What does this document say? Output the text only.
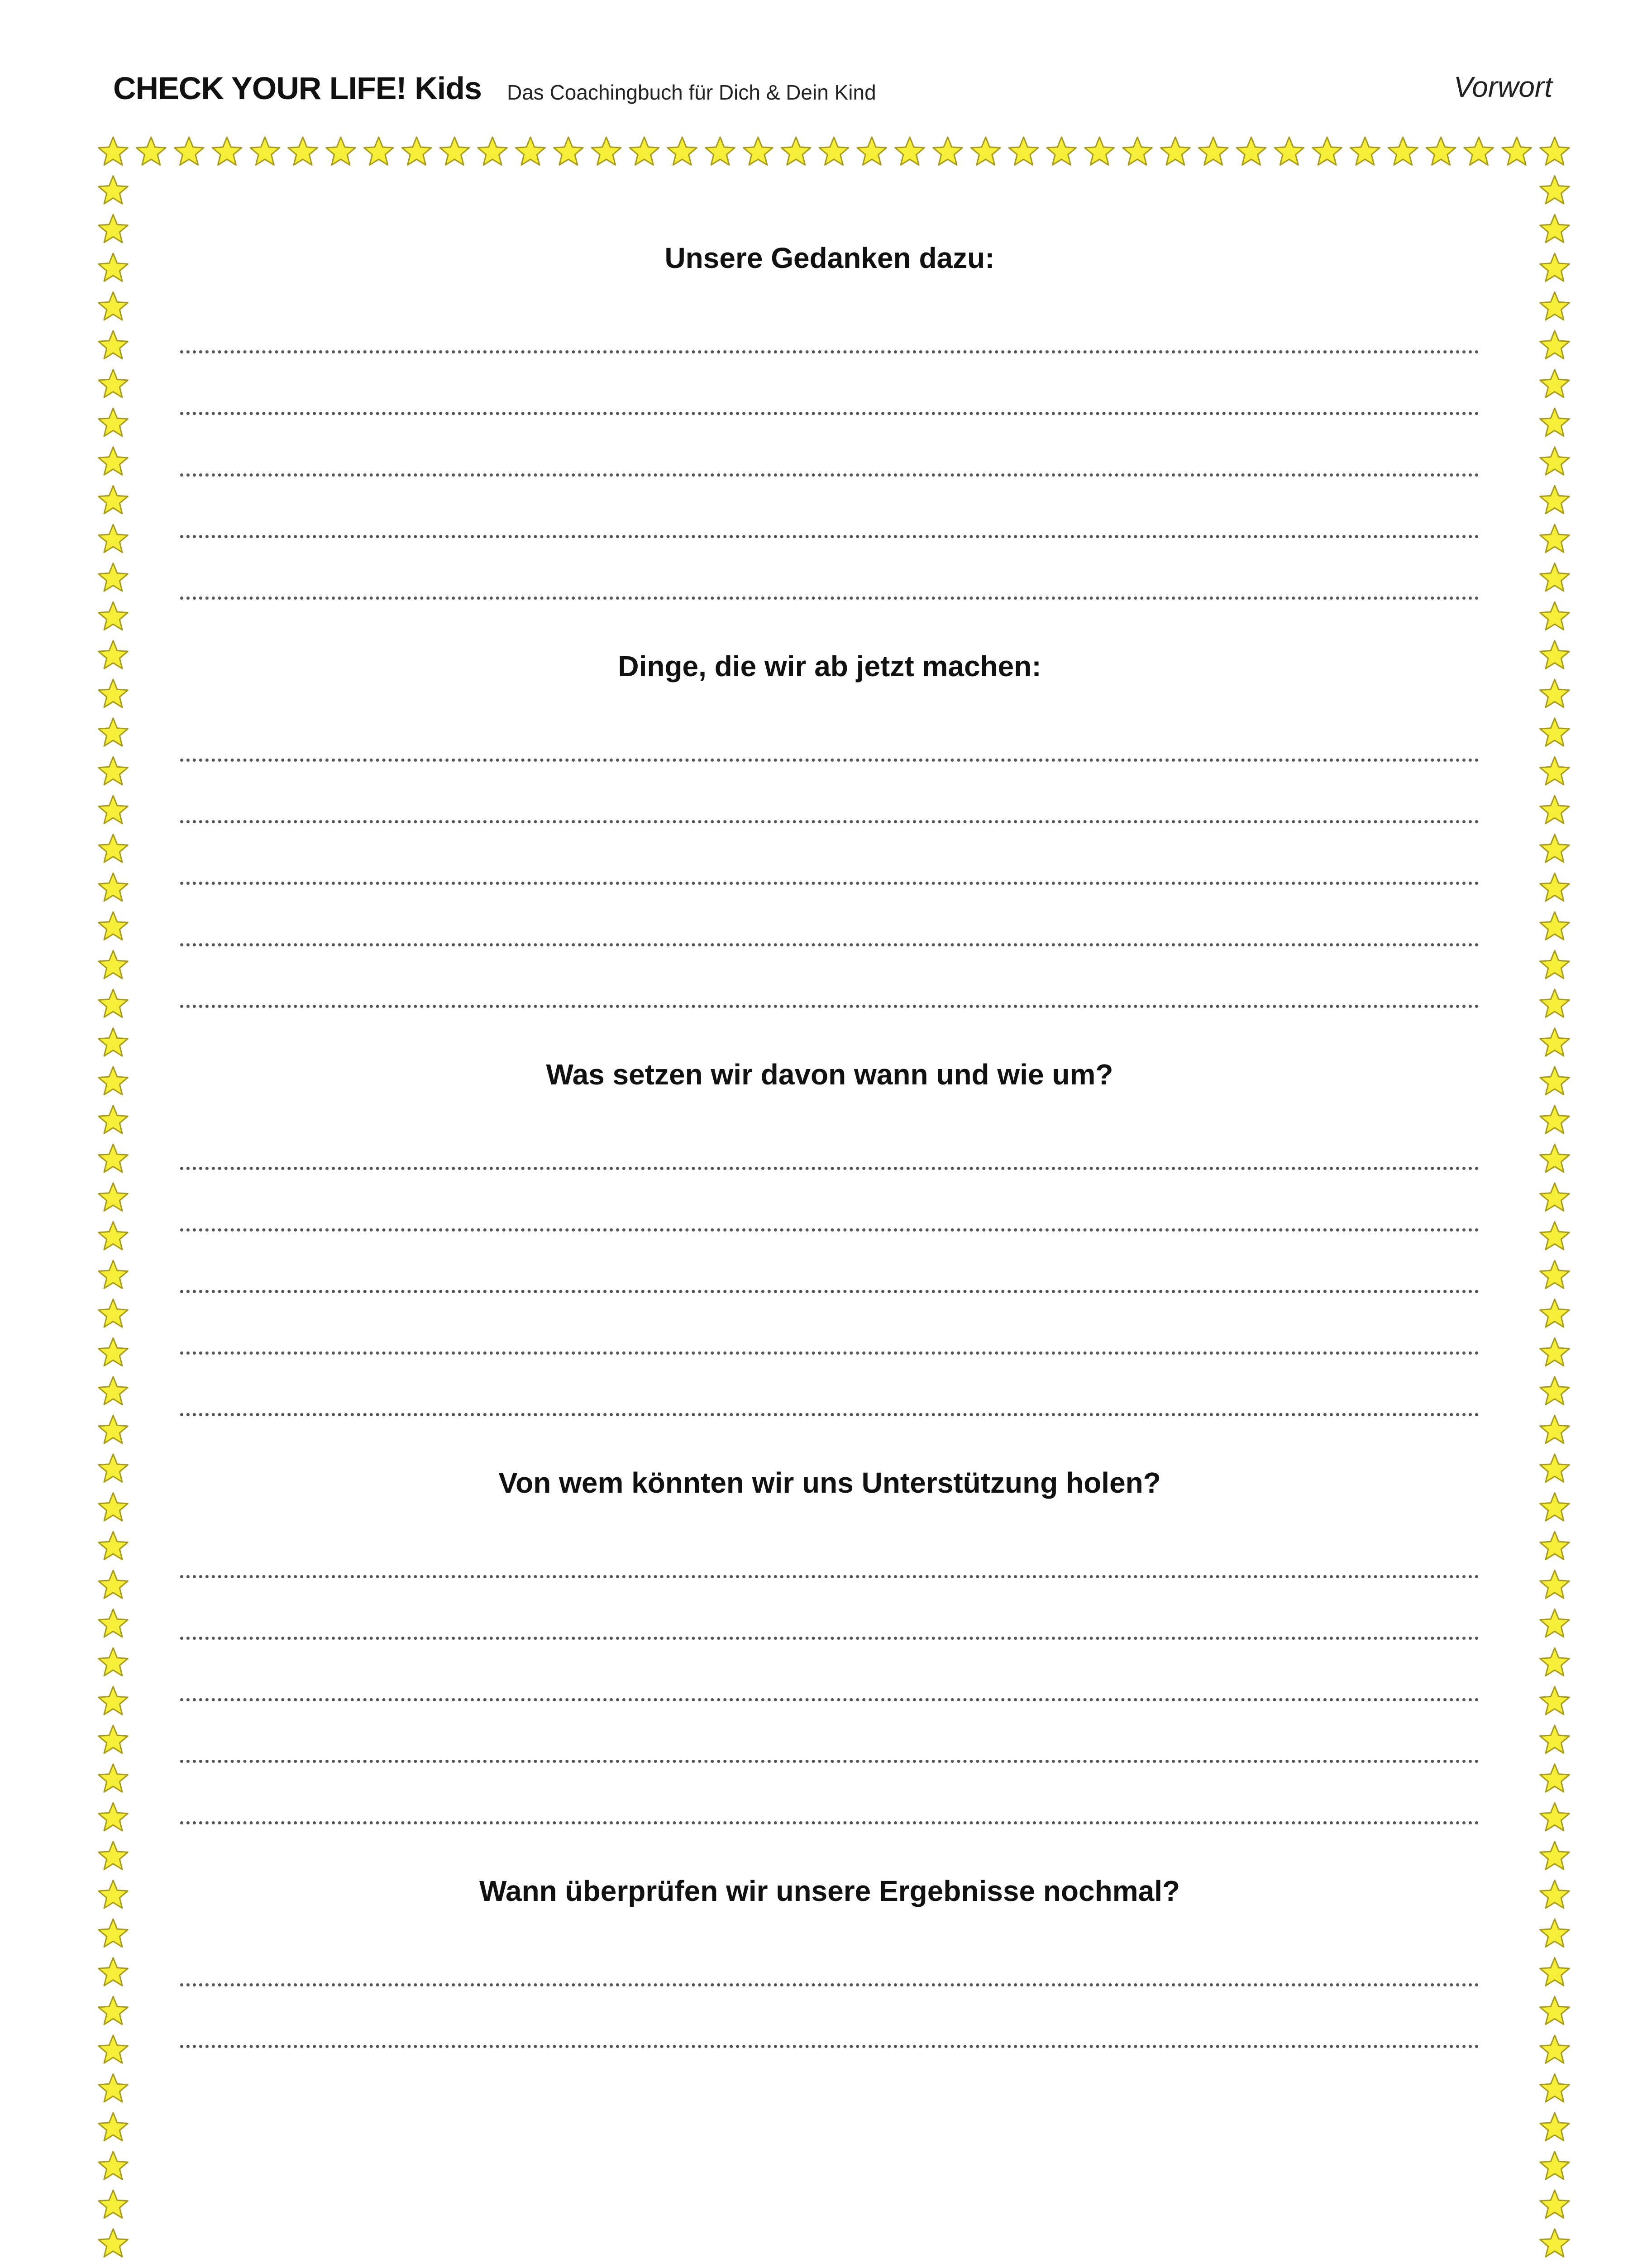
CHECK YOUR LIFE! Kids Das Coachingbuch für Dich & Dein Kind	Vorwort
Unsere Gedanken dazu:
Dinge, die wir ab jetzt machen:
Was setzen wir davon wann und wie um?
Von wem könnten wir uns Unterstützung holen?
Wann überprüfen wir unsere Ergebnisse nochmal?
